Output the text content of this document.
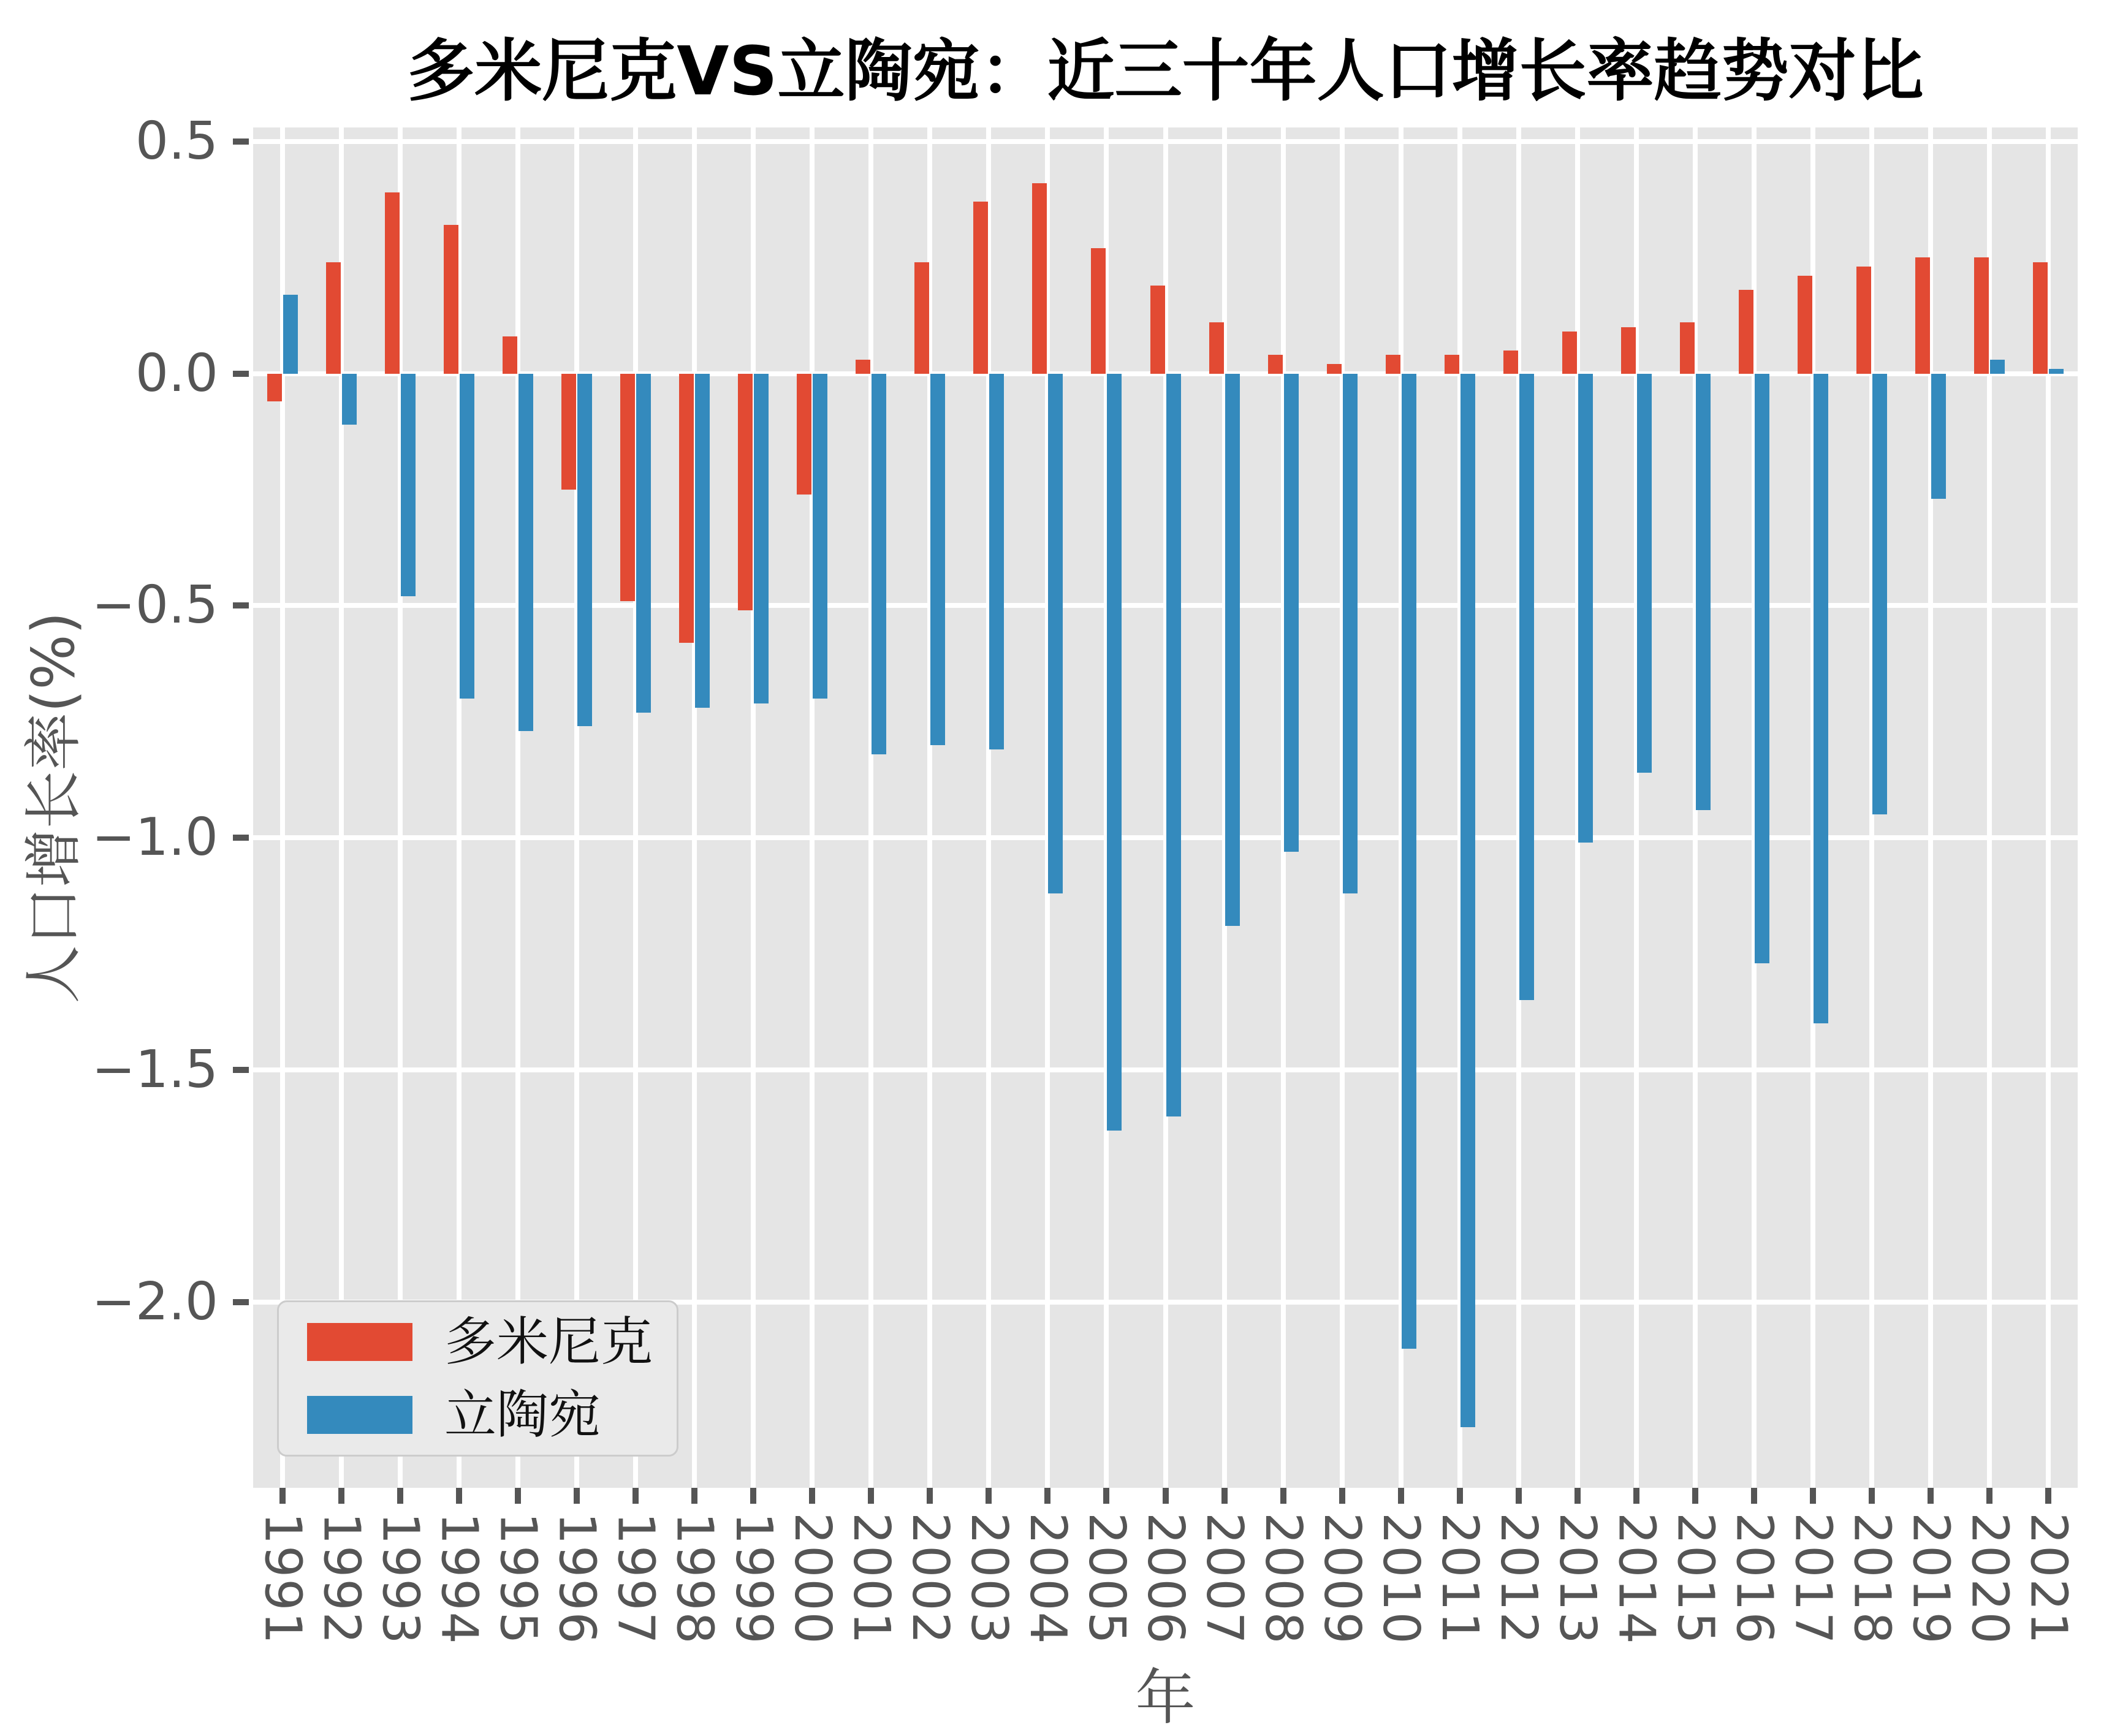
多米尼克VS立陶宛：近三十年人口增长率趋势对比
0.5
0.0
−0.5
−1.0
−1.5
−2.0
1991 1992 1993 1994 1995 1996 1997 1998 1999 2000 2001 2002 2003 2004 2005 2006 2007 2008 2009 2010 2011 2012 2013 2014 2015 2016 2017 2018 2019 2020 2021
人口增长率(%)
年
多米尼克
立陶宛
